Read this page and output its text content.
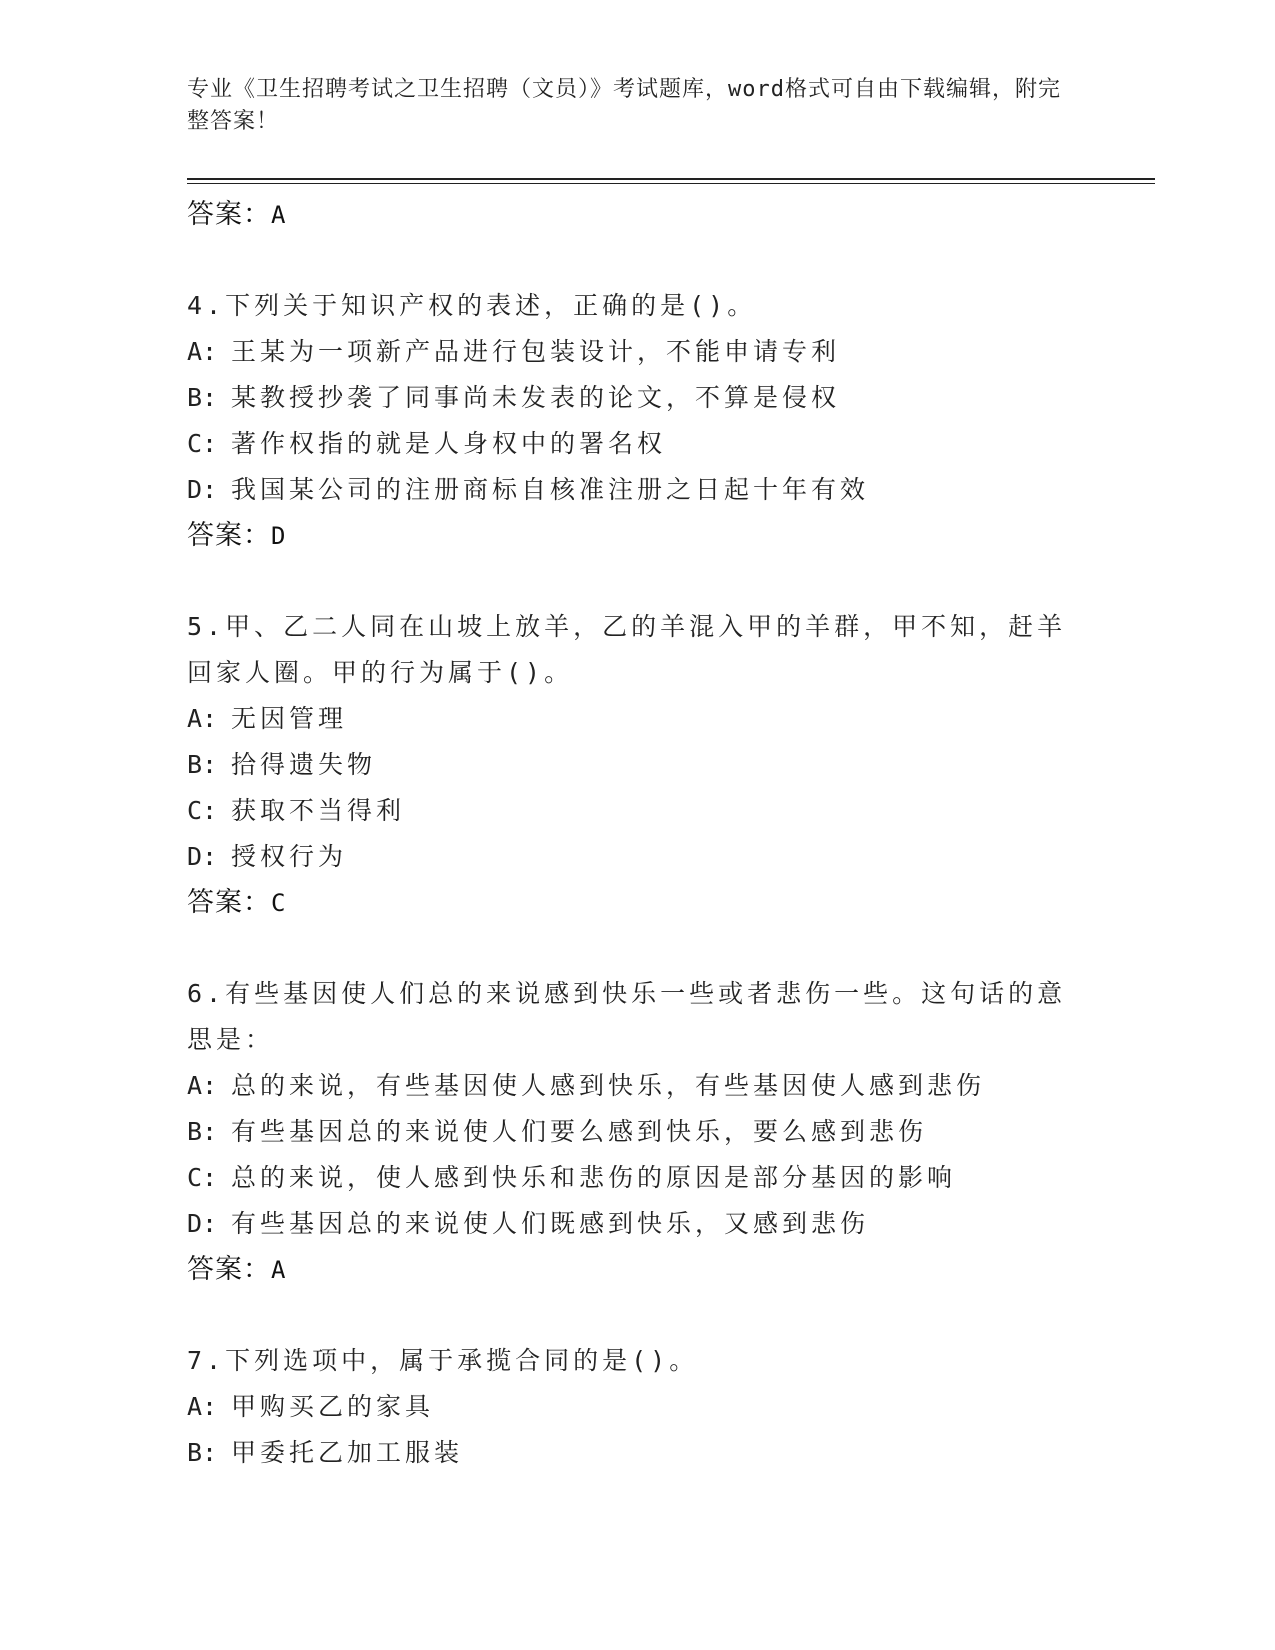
专业《卫生招聘考试之卫生招聘（文员）》考试题库，word格式可自由下载编辑，附完整答案！
答案：A
4.下列关于知识产权的表述，正确的是()。
A: 王某为一项新产品进行包装设计，不能申请专利
B: 某教授抄袭了同事尚未发表的论文，不算是侵权
C: 著作权指的就是人身权中的署名权
D: 我国某公司的注册商标自核准注册之日起十年有效
答案：D
5.甲、乙二人同在山坡上放羊，乙的羊混入甲的羊群，甲不知，赶羊回家人圈。甲的行为属于()。
A: 无因管理
B: 拾得遗失物
C: 获取不当得利
D: 授权行为
答案：C
6.有些基因使人们总的来说感到快乐一些或者悲伤一些。这句话的意思是：
A: 总的来说，有些基因使人感到快乐，有些基因使人感到悲伤
B: 有些基因总的来说使人们要么感到快乐，要么感到悲伤
C: 总的来说，使人感到快乐和悲伤的原因是部分基因的影响
D: 有些基因总的来说使人们既感到快乐，又感到悲伤
答案：A
7.下列选项中，属于承揽合同的是()。
A: 甲购买乙的家具
B: 甲委托乙加工服装
